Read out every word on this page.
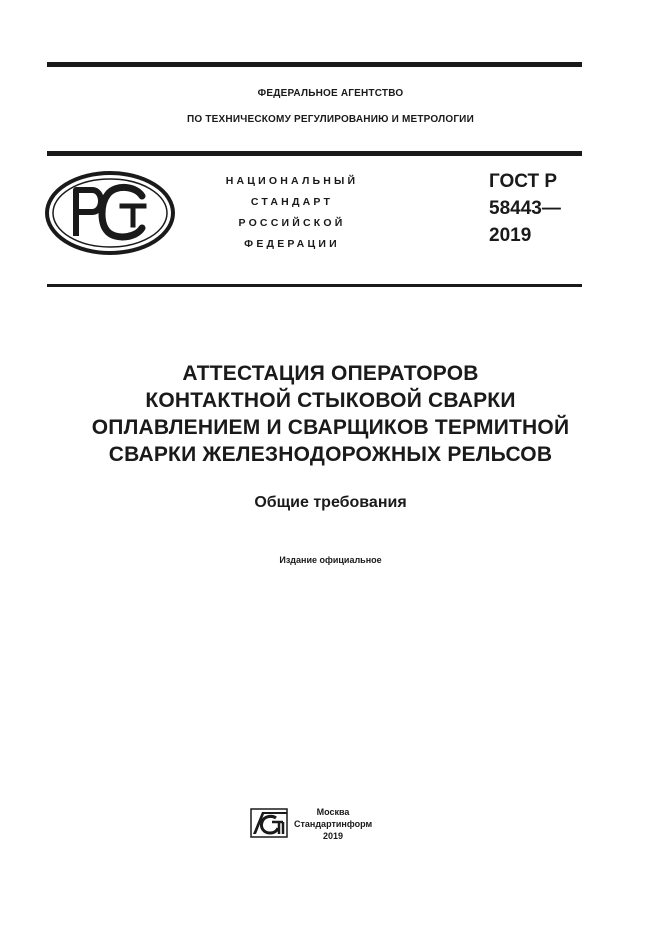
ФЕДЕРАЛЬНОЕ АГЕНТСТВО
ПО ТЕХНИЧЕСКОМУ РЕГУЛИРОВАНИЮ И МЕТРОЛОГИИ
НАЦИОНАЛЬНЫЙ
СТАНДАРТ
РОССИЙСКОЙ
ФЕДЕРАЦИИ
ГОСТ Р
58443—
2019
АТТЕСТАЦИЯ ОПЕРАТОРОВ
КОНТАКТНОЙ СТЫКОВОЙ СВАРКИ
ОПЛАВЛЕНИЕМ И СВАРЩИКОВ ТЕРМИТНОЙ
СВАРКИ ЖЕЛЕЗНОДОРОЖНЫХ РЕЛЬСОВ
Общие требования
Издание официальное
Москва
Стандартинформ
2019
